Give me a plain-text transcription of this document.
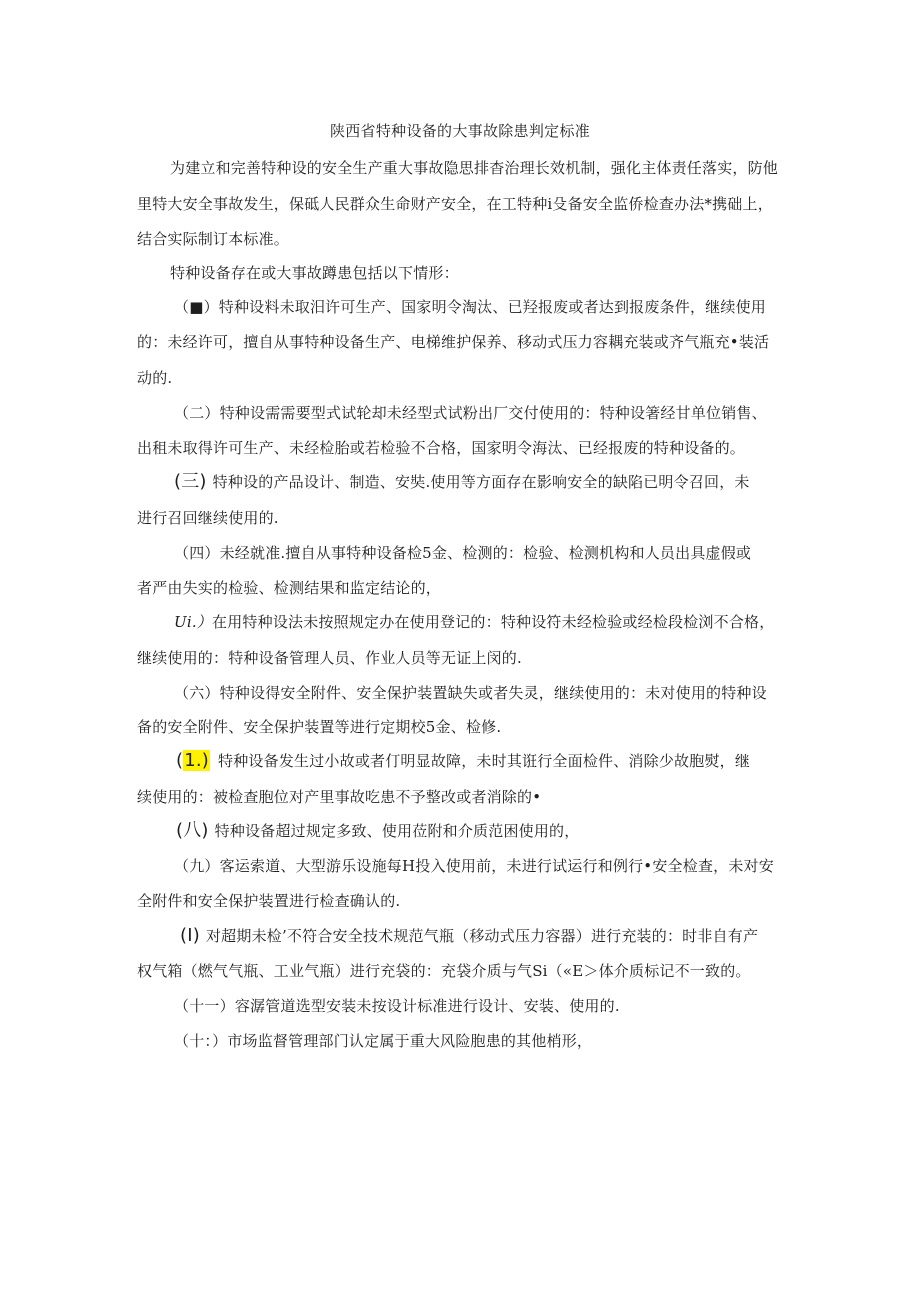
陕西省特种设备的大事故除患判定标准
为建立和完善特种设的安全生产重大事故隐思排杳治理长效机制，强化主体责任落实，防他
里特大安全事故发生，保砥人民群众生命财产安全，在工特种i殳备安全监侨检查办法*携础上，
结合实际制订本标准。
特种设备存在或大事故蹲患包括以下情形：
（■）特种设料未取汨许可生产、国家明令淘汰、已羟报废或者达到报废条件，继续使用
的：未经许可，擅自从事特种设备生产、电梯维护保养、移动式压力容耦充装或齐气瓶充•装活
动的.
（二）特种设需需要型式试轮却未经型式试粉出厂交付使用的：特种设箸经甘单位销售、
出租未取得许可生产、未经检胎或若检验不合格，国家明令海汰、已经报废的特种设备的。
(三) 特种设的产品设计、制造、安奘.使用等方面存在影响安全的缺陷已明令召回，未
进行召回继续使用的.
（四）未经就准.擅自从事特种设备检5金、检测的：检验、检测机构和人员出具虚假或
者严由失实的检验、检测结果和监定结论的，
Ui.）在用特种设法未按照规定办在使用登记的：特种设符未经检验或经检段检浏不合格，
继续使用的：特种设备管理人员、作业人员等无证上闵的.
（六）特种设得安全附件、安全保护装置缺失或者失灵，继续使用的：未对使用的特种设
备的安全附件、安全保护装置等进行定期校5金、检修.
(1.) 特种设备发生过小故或者仃明显故障，未时其诳行全面检件、消除少故胞熨，继
续使用的：被检查胞位对产里事故吃患不予整改或者消除的•
(八) 特种设备超过规定多致、使用莅附和介质范困使用的，
（九）客运索道、大型游乐设施每H投入使用前，未进行试运行和例行•安全检查，未对安
全附件和安全保护装置进行检查确认的.
(I) 对超期未检’不符合安全技术规范气瓶（移动式压力容器）进行充装的：时非自有产
权气箱（燃气气瓶、工业气瓶）进行充袋的：充袋介质与气Si（«E＞体介质标记不一致的。
（十一）容潺管道选型安装未按设计标准进行设计、安装、使用的.
（十：）市场监督管理部门认定属于重大风险胞患的其他梢形，
